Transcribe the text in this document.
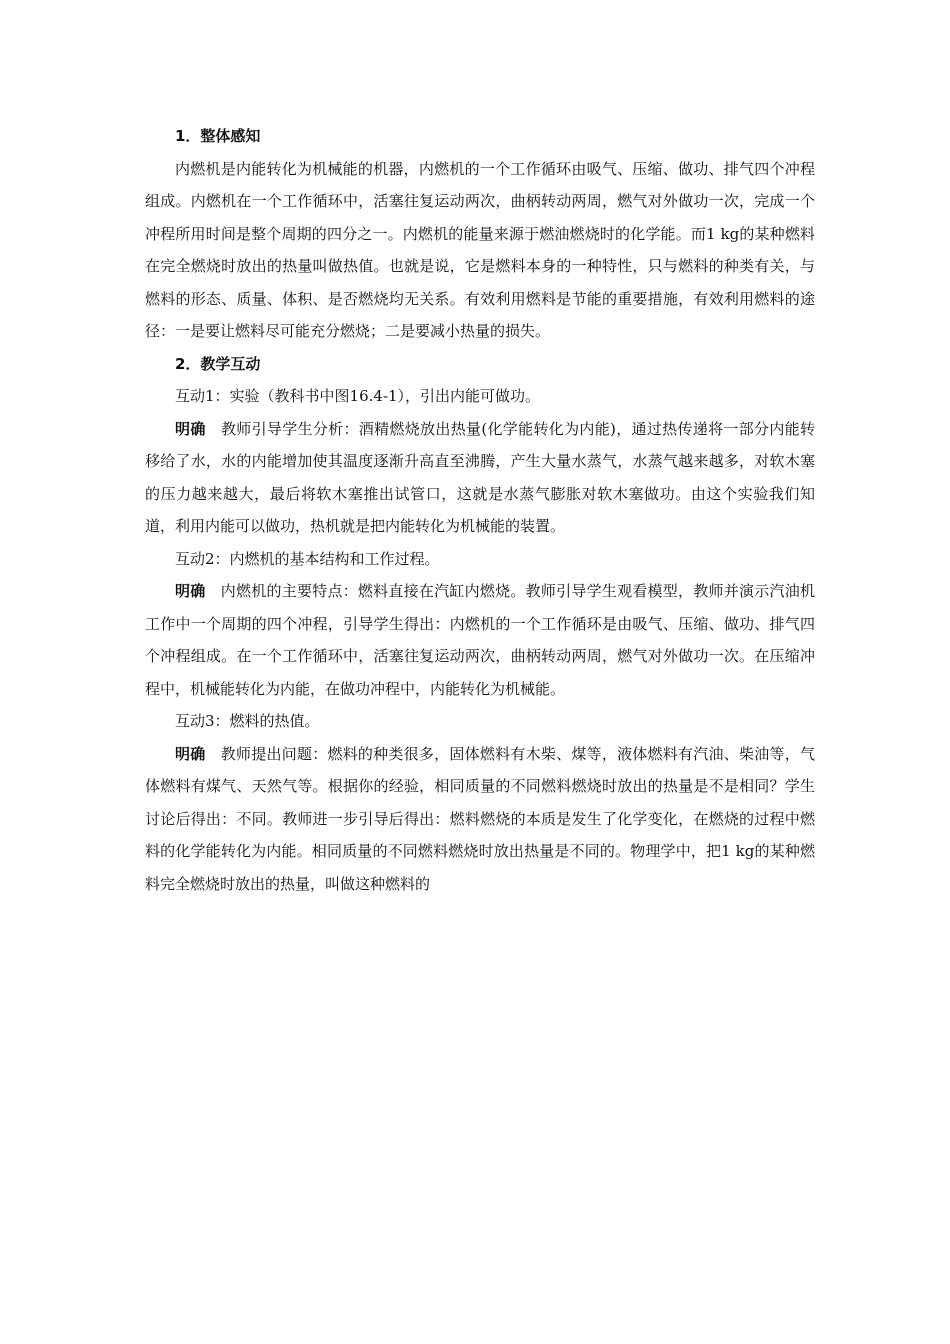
1．整体感知

内燃机是内能转化为机械能的机器，内燃机的一个工作循环由吸气、压缩、做功、排气四个冲程组成。内燃机在一个工作循环中，活塞往复运动两次，曲柄转动两周，燃气对外做功一次，完成一个冲程所用时间是整个周期的四分之一。内燃机的能量来源于燃油燃烧时的化学能。而1 kg的某种燃料在完全燃烧时放出的热量叫做热值。也就是说，它是燃料本身的一种特性，只与燃料的种类有关，与燃料的形态、质量、体积、是否燃烧均无关系。有效利用燃料是节能的重要措施，有效利用燃料的途径：一是要让燃料尽可能充分燃烧；二是要减小热量的损失。

2．教学互动

互动1：实验（教科书中图16.4-1），引出内能可做功。

明确 教师引导学生分析：酒精燃烧放出热量(化学能转化为内能)，通过热传递将一部分内能转移给了水，水的内能增加使其温度逐渐升高直至沸腾，产生大量水蒸气，水蒸气越来越多，对软木塞的压力越来越大，最后将软木塞推出试管口，这就是水蒸气膨胀对软木塞做功。由这个实验我们知道，利用内能可以做功，热机就是把内能转化为机械能的装置。

互动2：内燃机的基本结构和工作过程。

明确 内燃机的主要特点：燃料直接在汽缸内燃烧。教师引导学生观看模型，教师并演示汽油机工作中一个周期的四个冲程，引导学生得出：内燃机的一个工作循环是由吸气、压缩、做功、排气四个冲程组成。在一个工作循环中，活塞往复运动两次，曲柄转动两周，燃气对外做功一次。在压缩冲程中，机械能转化为内能，在做功冲程中，内能转化为机械能。

互动3：燃料的热值。

明确 教师提出问题：燃料的种类很多，固体燃料有木柴、煤等，液体燃料有汽油、柴油等，气体燃料有煤气、天然气等。根据你的经验，相同质量的不同燃料燃烧时放出的热量是不是相同？学生讨论后得出：不同。教师进一步引导后得出：燃料燃烧的本质是发生了化学变化，在燃烧的过程中燃料的化学能转化为内能。相同质量的不同燃料燃烧时放出热量是不同的。物理学中，把1 kg的某种燃料完全燃烧时放出的热量，叫做这种燃料的
